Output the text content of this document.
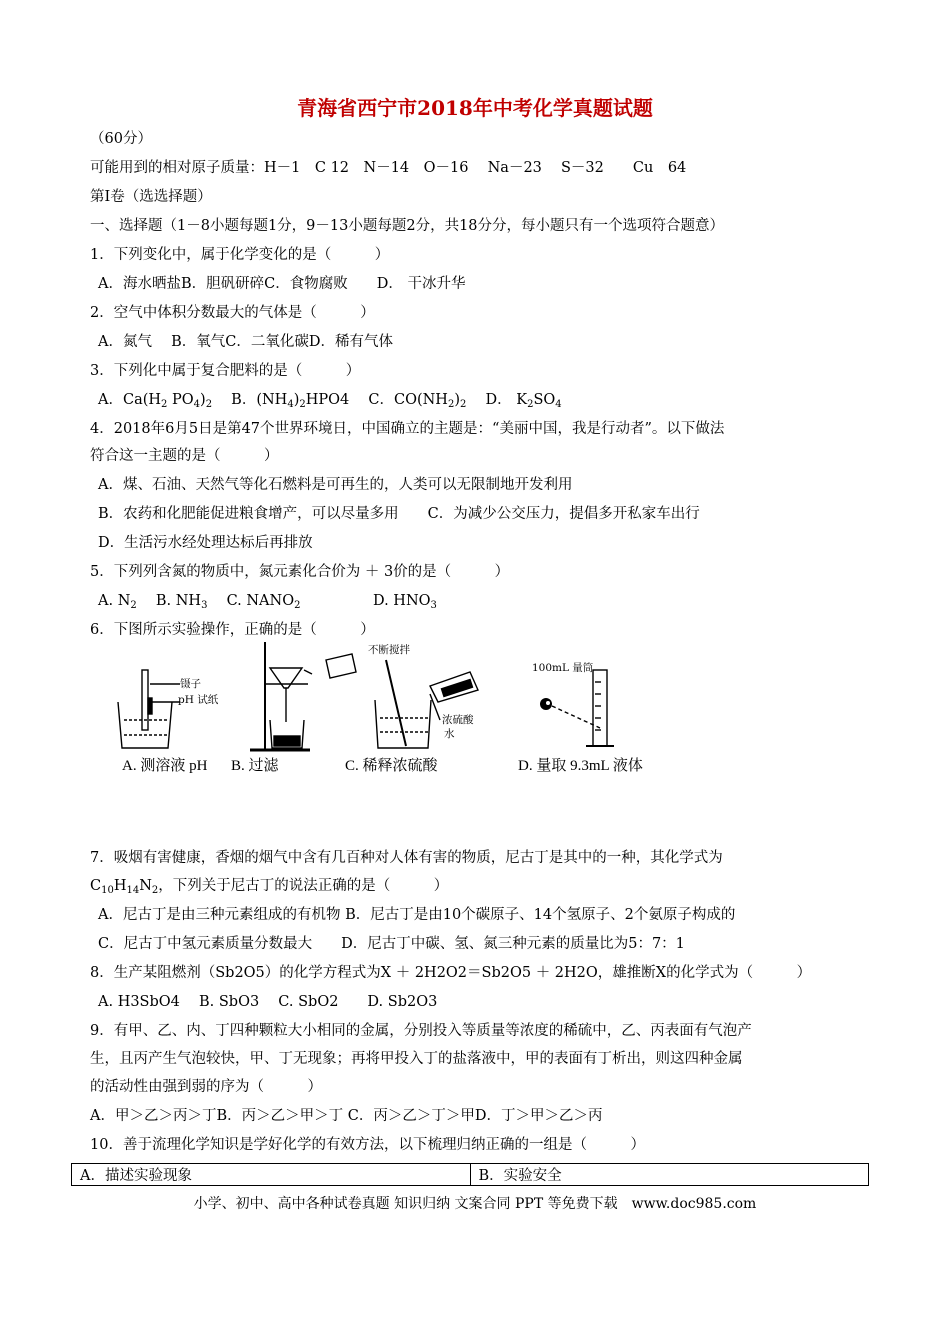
青海省西宁市2018年中考化学真题试题
（60分）
可能用到的相对原子质量：H－1　C 12　N－14　O－16　 Na－23　 S－32　　Cu　64
第Ⅰ卷（选选择题）
一、选择题（1－8小题每题1分，9－13小题每题2分，共18分分，每小题只有一个选项符合题意）
1．下列变化中，属于化学变化的是（　　　）
A．海水晒盐B．胆矾研碎C．食物腐败　　D． 干冰升华
2．空气中体积分数最大的气体是（　　　）
A．氮气　 B．氧气C．二氧化碳D．稀有气体
3．下列化中属于复合肥料的是（　　　）
A．$Ca(H_2$ $PO_4)_2$　 B．$(NH_4)_2HPO4$　 C．$CO(NH_2)_2$　 D． $K_2SO_4$
4．2018年6月5日是第47个世界环境日，中国确立的主题是：“美丽中国，我是行动者”。以下做法
符合这一主题的是（　　　）
A．煤、石油、天然气等化石燃料是可再生的，人类可以无限制地开发利用
B．农药和化肥能促进粮食增产，可以尽量多用　　C．为减少公交压力，提倡多开私家车出行
D．生活污水经处理达标后再排放
5．下列列含氮的物质中，氮元素化合价为 ＋ 3价的是（　　　）
A. $N_2$　 B. $NH_3$　 C. $NANO_2$　　　　　D. $HNO_3$
6．下图所示实验操作，正确的是（　　　）
镊子
pH 试纸
不断搅拌
浓硫酸
水
100mL 量筒
A. 测溶液 pH B. 过滤	C. 稀释浓硫酸	D. 量取 9.3mL 液体
7．吸烟有害健康，香烟的烟气中含有几百种对人体有害的物质，尼古丁是其中的一种，其化学式为
$C_{10}H_{14}N_2$，下列关于尼古丁的说法正确的是（　　　）
A．尼古丁是由三种元素组成的有机物 B．尼古丁是由10个碳原子、14个氢原子、2个氨原子构成的
C．尼古丁中氢元素质量分数最大　　D．尼古丁中碳、氢、氮三种元素的质量比为5：7：1
8．生产某阻燃剂（Sb2O5）的化学方程式为X ＋ 2H2O2＝Sb2O5 ＋ 2H2O，雄推断X的化学式为（　　　）
A. H3SbO4　 B. SbO3　 C. SbO2　　D. Sb2O3
9．有甲、乙、内、丁四种颗粒大小相同的金属，分别投入等质量等浓度的稀硫中，乙、丙表面有气泡产
生，且丙产生气泡较快，甲、丁无现象；再将甲投入丁的盐落液中，甲的表面有丁析出，则这四种金属
的活动性由强到弱的序为（　　　）
A．甲＞乙＞丙＞丁B．丙＞乙＞甲＞丁 C．丙＞乙＞丁＞甲D．丁＞甲＞乙＞丙
10．善于流理化学知识是学好化学的有效方法，以下梳理归纳正确的一组是（　　　）
A．描述实验现象	B．实验安全
小学、初中、高中各种试卷真题 知识归纳 文案合同 PPT 等免费下载　www.doc985.com
